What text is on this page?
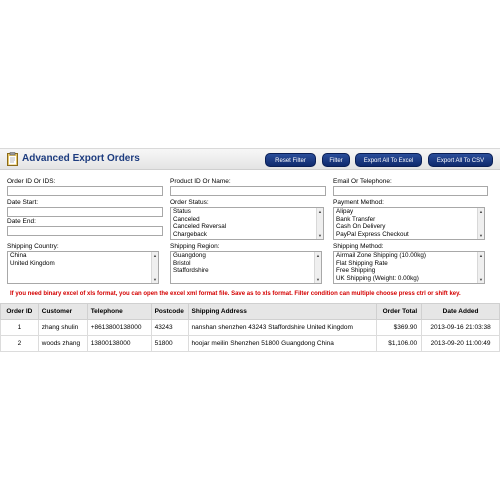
Advanced Export Orders	Reset Filter	Filter	Export All To Excel	Export All To CSV
Order ID Or IDS:	Product ID Or Name:	Email Or Telephone:
Date Start:
Date End:
Order Status:
Status
Canceled
Canceled Reversal
Chargeback
▲
▼
Payment Method:
Alipay
Bank Transfer
Cash On Delivery
PayPal Express Checkout
▲
▼
Shipping Country:
China
United Kingdom
▲
▼
Shipping Region:
Guangdong
Bristol
Staffordshire
▲
▼
Shipping Method:
Airmail Zone Shipping (10.00kg)
Flat Shipping Rate
Free Shipping
UK Shipping (Weight: 0.00kg)
▲
▼
If you need binary excel of xls format, you can open the excel xml format file. Save as to xls format. Filter condition can multiple choose press ctrl or shift key.
Order ID	Customer	Telephone	Postcode	Shipping Address	Order Total	Date Added
1	zhang shulin	+8613800138000	43243	nanshan shenzhen 43243 Staffordshire United Kingdom	$369.90	2013-09-16 21:03:38
2	woods zhang	13800138000	51800	hoojar meilin Shenzhen 51800 Guangdong China	$1,106.00	2013-09-20 11:00:49
